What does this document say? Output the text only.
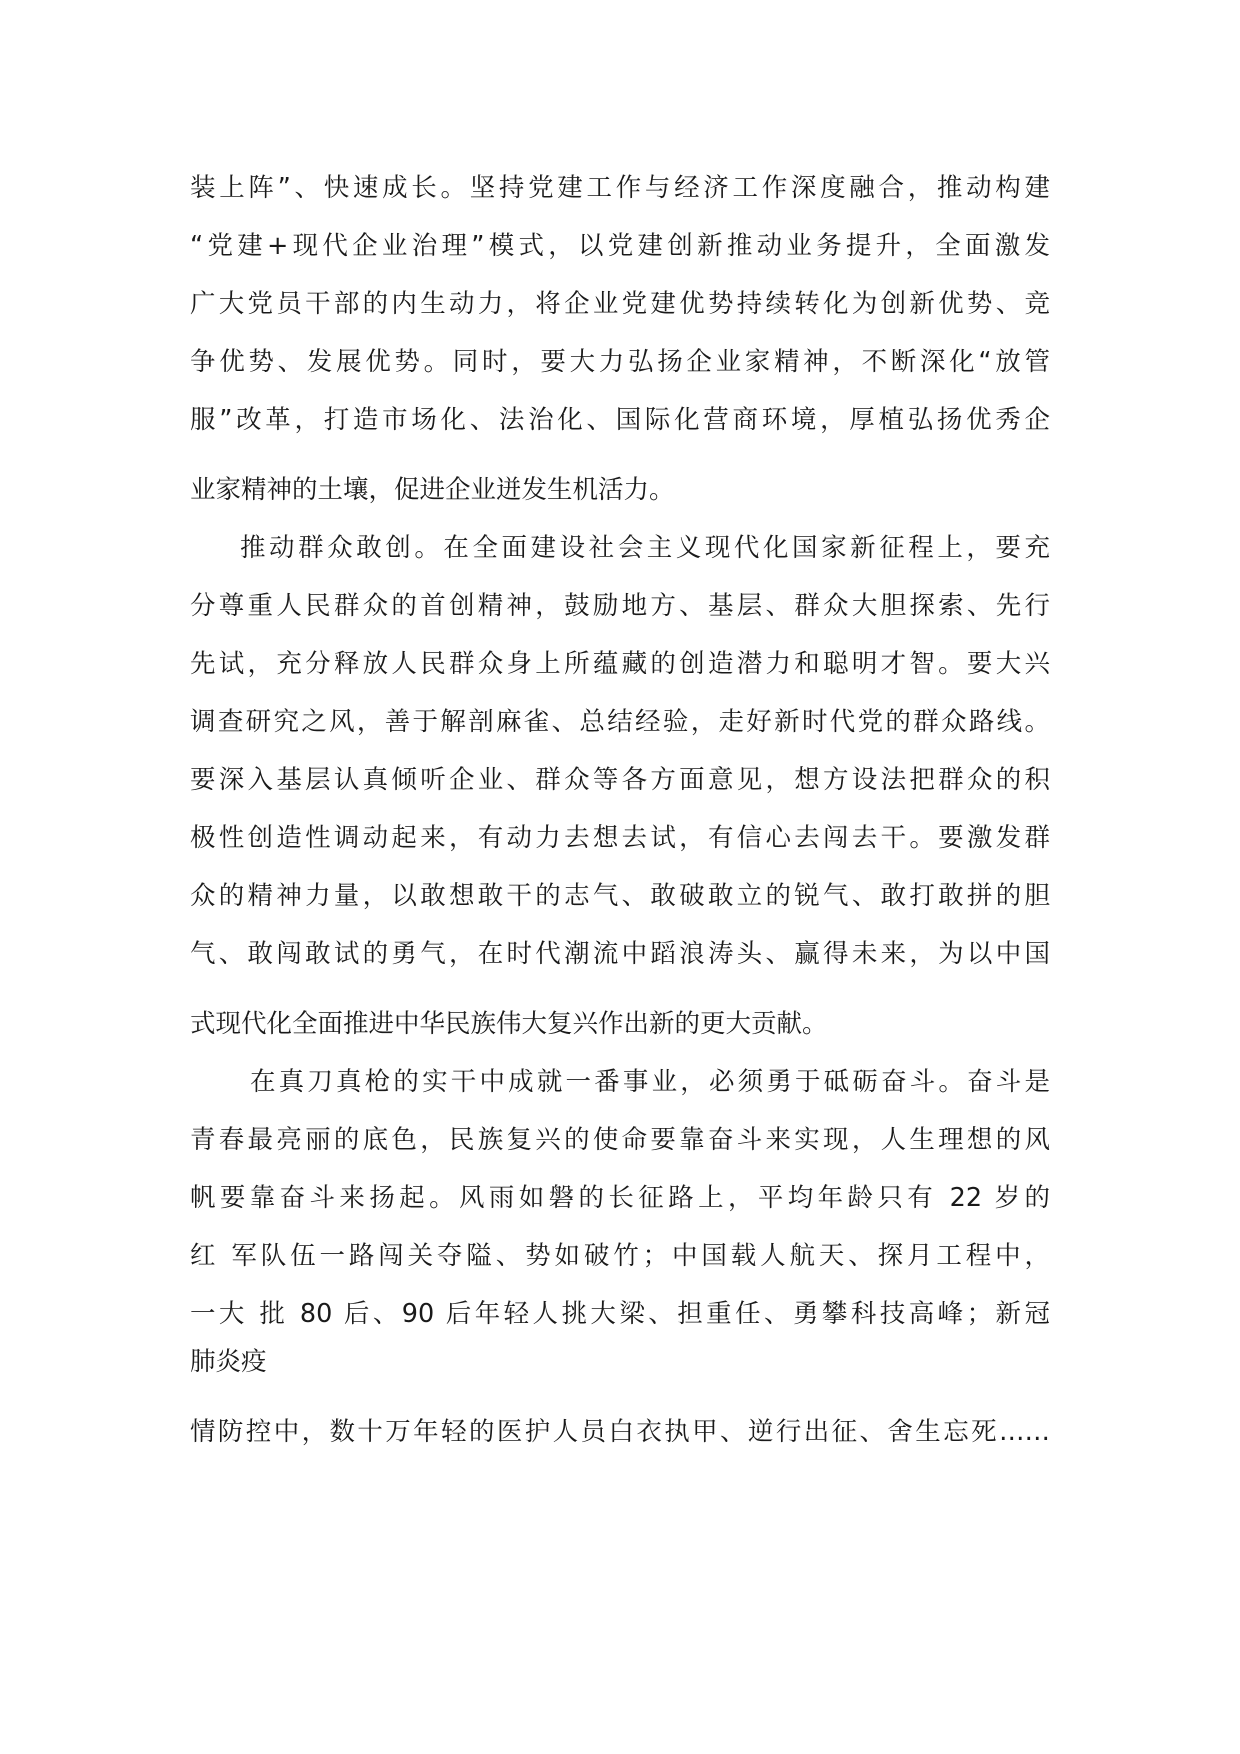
装上阵”、快速成长。坚持党建工作与经济工作深度融合，推动构建
“党建+现代企业治理”模式，以党建创新推动业务提升，全面激发
广大党员干部的内生动力，将企业党建优势持续转化为创新优势、竞
争优势、发展优势。同时，要大力弘扬企业家精神，不断深化“放管
服”改革，打造市场化、法治化、国际化营商环境，厚植弘扬优秀企
业家精神的土壤，促进企业迸发生机活力。
推动群众敢创。在全面建设社会主义现代化国家新征程上，要充
分尊重人民群众的首创精神，鼓励地方、基层、群众大胆探索、先行
先试，充分释放人民群众身上所蕴藏的创造潜力和聪明才智。要大兴
调查研究之风，善于解剖麻雀、总结经验，走好新时代党的群众路线。
要深入基层认真倾听企业、群众等各方面意见，想方设法把群众的积
极性创造性调动起来，有动力去想去试，有信心去闯去干。要激发群
众的精神力量，以敢想敢干的志气、敢破敢立的锐气、敢打敢拼的胆
气、敢闯敢试的勇气，在时代潮流中蹈浪涛头、赢得未来，为以中国
式现代化全面推进中华民族伟大复兴作出新的更大贡献。
在真刀真枪的实干中成就一番事业，必须勇于砥砺奋斗。奋斗是
青春最亮丽的底色，民族复兴的使命要靠奋斗来实现，人生理想的风
帆要靠奋斗来扬起。风雨如磐的长征路上，平均年龄只有 22 岁的
红 军队伍一路闯关夺隘、势如破竹；中国载人航天、探月工程中，
一大 批 80 后、90 后年轻人挑大梁、担重任、勇攀科技高峰；新冠
肺炎疫
情防控中，数十万年轻的医护人员白衣执甲、逆行出征、舍生忘死……
